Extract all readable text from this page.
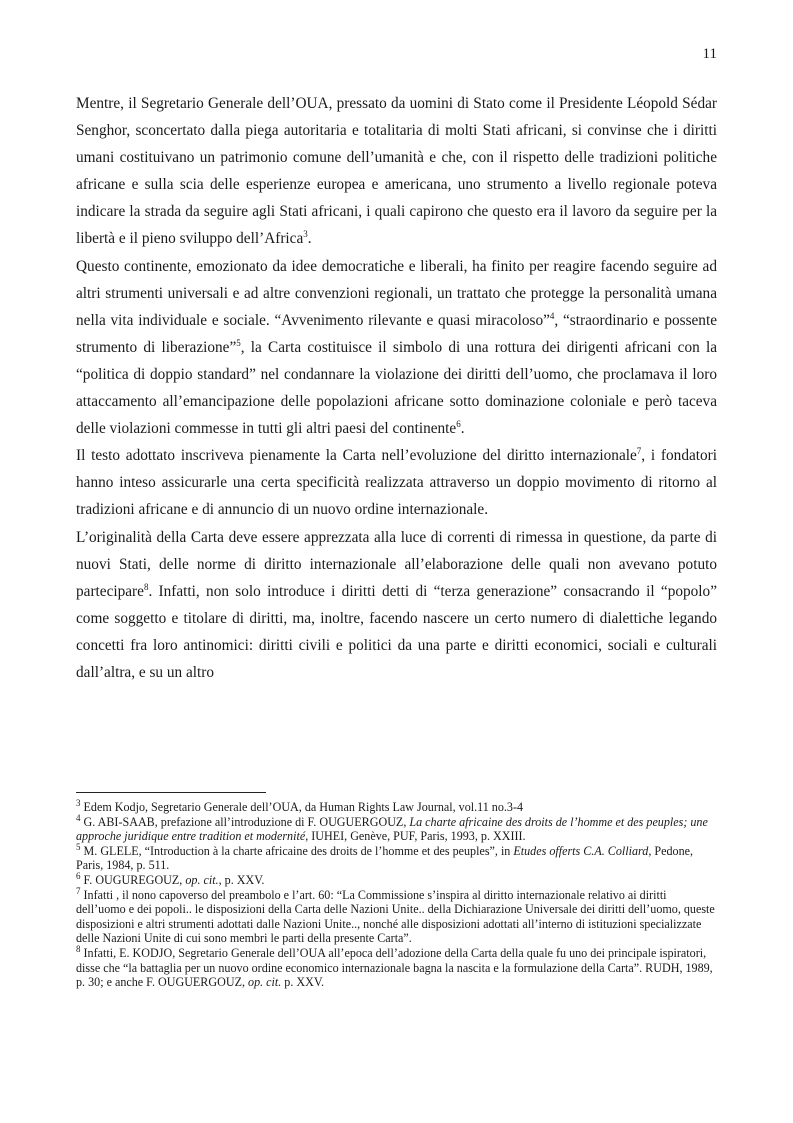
11

Mentre, il Segretario Generale dell’OUA, pressato da uomini di Stato come il Presidente Léopold Sédar Senghor, sconcertato dalla piega autoritaria e totalitaria di molti Stati africani, si convinse che i diritti umani costituivano un patrimonio comune dell’umanità e che, con il rispetto delle tradizioni politiche africane e sulla scia delle esperienze europea e americana, uno strumento a livello regionale poteva indicare la strada da seguire agli Stati africani, i quali capirono che questo era il lavoro da seguire per la libertà e il pieno sviluppo dell’Africa$^3$.

Questo continente, emozionato da idee democratiche e liberali, ha finito per reagire facendo seguire ad altri strumenti universali e ad altre convenzioni regionali, un trattato che protegge la personalità umana nella vita individuale e sociale. “Avvenimento rilevante e quasi miracoloso”$^4$, “straordinario e possente strumento di liberazione”$^5$, la Carta costituisce il simbolo di una rottura dei dirigenti africani con la “politica di doppio standard” nel condannare la violazione dei diritti dell’uomo, che proclamava il loro attaccamento all’emancipazione delle popolazioni africane sotto dominazione coloniale e però taceva delle violazioni commesse in tutti gli altri paesi del continente$^6$.

Il testo adottato inscriveva pienamente la Carta nell’evoluzione del diritto internazionale$^7$, i fondatori hanno inteso assicurarle una certa specificità realizzata attraverso un doppio movimento di ritorno al tradizioni africane e di annuncio di un nuovo ordine internazionale.

L’originalità della Carta deve essere apprezzata alla luce di correnti di rimessa in questione, da parte di nuovi Stati, delle norme di diritto internazionale all’elaborazione delle quali non avevano potuto partecipare$^8$. Infatti, non solo introduce i diritti detti di “terza generazione” consacrando il “popolo” come soggetto e titolare di diritti, ma, inoltre, facendo nascere un certo numero di dialettiche legando concetti fra loro antinomici: diritti civili e politici da una parte e diritti economici, sociali e culturali dall’altra, e su un altro

$^3$ Edem Kodjo, Segretario Generale dell’OUA, da Human Rights Law Journal, vol.11 no.3-4

$^4$ G. ABI-SAAB, prefazione all’introduzione di F. OUGUERGOUZ, La charte africaine des droits de l’homme et des peuples; une approche juridique entre tradition et modernité, IUHEI, Genève, PUF, Paris, 1993, p. XXIII.

$^5$ M. GLELE, “Introduction à la charte africaine des droits de l’homme et des peuples”, in Etudes offerts C.A. Colliard, Pedone, Paris, 1984, p. 511.

$^6$ F. OUGUREGOUZ, op. cit., p. XXV.

$^7$ Infatti , il nono capoverso del preambolo e l’art. 60: “La Commissione s’inspira al diritto internazionale relativo ai diritti dell’uomo e dei popoli.. le disposizioni della Carta delle Nazioni Unite.. della Dichiarazione Universale dei diritti dell’uomo, queste disposizioni e altri strumenti adottati dalle Nazioni Unite.., nonché alle disposizioni adottati all’interno di istituzioni specializzate delle Nazioni Unite di cui sono membri le parti della presente Carta”.

$^8$ Infatti, E. KODJO, Segretario Generale dell’OUA all’epoca dell’adozione della Carta della quale fu uno dei principale ispiratori, disse che “la battaglia per un nuovo ordine economico internazionale bagna la nascita e la formulazione della Carta”. RUDH, 1989, p. 30; e anche F. OUGUERGOUZ, op. cit. p. XXV.
